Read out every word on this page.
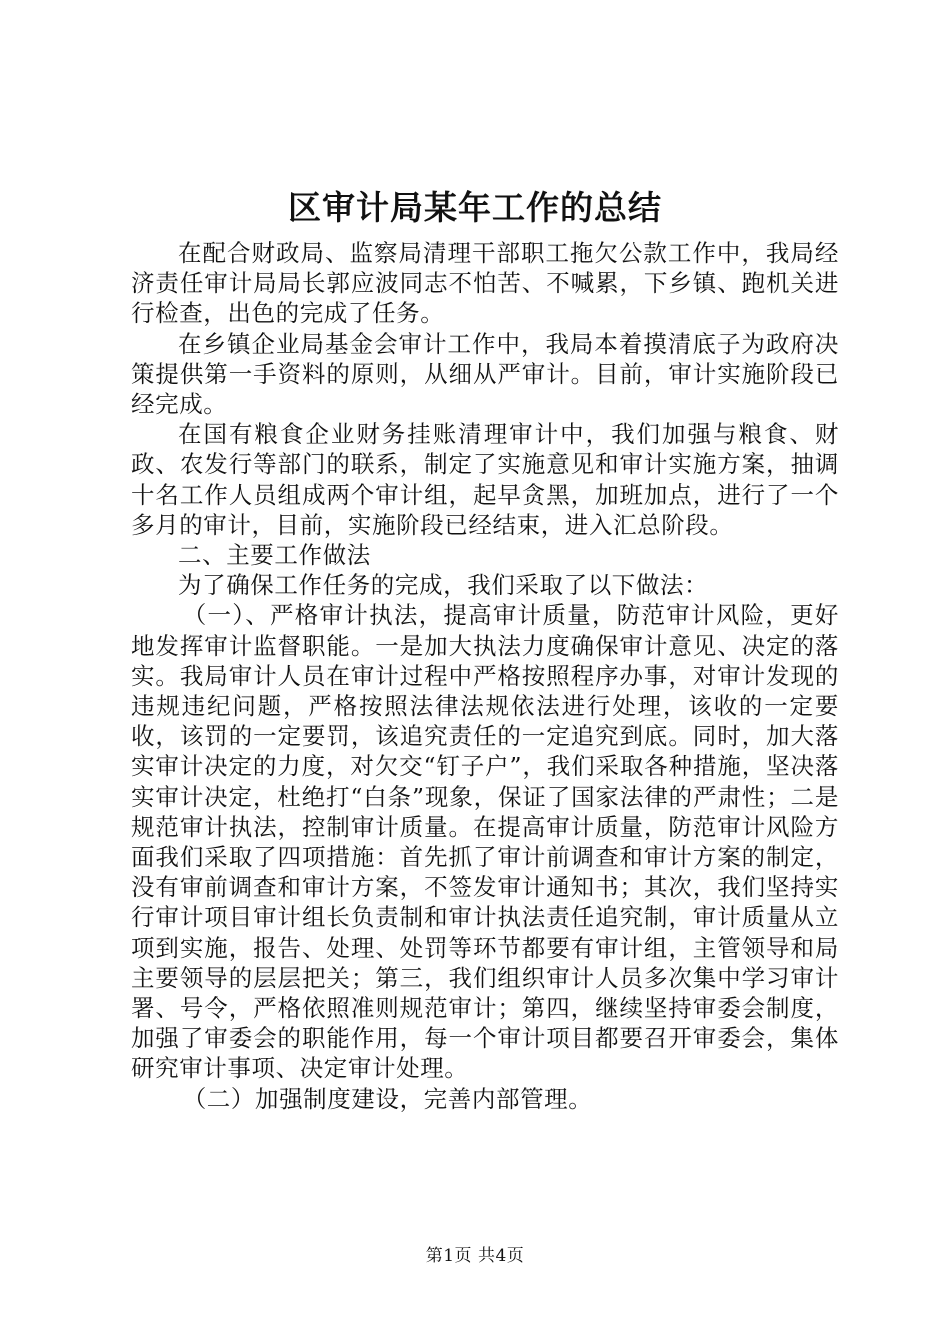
区审计局某年工作的总结

在配合财政局、监察局清理干部职工拖欠公款工作中，我局经济责任审计局局长郭应波同志不怕苦、不喊累，下乡镇、跑机关进行检查，出色的完成了任务。

在乡镇企业局基金会审计工作中，我局本着摸清底子为政府决策提供第一手资料的原则，从细从严审计。目前，审计实施阶段已经完成。

在国有粮食企业财务挂账清理审计中，我们加强与粮食、财政、农发行等部门的联系，制定了实施意见和审计实施方案，抽调十名工作人员组成两个审计组，起早贪黑，加班加点，进行了一个多月的审计，目前，实施阶段已经结束，进入汇总阶段。

二、主要工作做法

为了确保工作任务的完成，我们采取了以下做法：

（一）、严格审计执法，提高审计质量，防范审计风险，更好地发挥审计监督职能。一是加大执法力度确保审计意见、决定的落实。我局审计人员在审计过程中严格按照程序办事，对审计发现的违规违纪问题，严格按照法律法规依法进行处理，该收的一定要收，该罚的一定要罚，该追究责任的一定追究到底。同时，加大落实审计决定的力度，对欠交“钉子户”，我们采取各种措施，坚决落实审计决定，杜绝打“白条”现象，保证了国家法律的严肃性；二是规范审计执法，控制审计质量。在提高审计质量，防范审计风险方面我们采取了四项措施：首先抓了审计前调查和审计方案的制定，没有审前调查和审计方案，不签发审计通知书；其次，我们坚持实行审计项目审计组长负责制和审计执法责任追究制，审计质量从立项到实施，报告、处理、处罚等环节都要有审计组，主管领导和局主要领导的层层把关；第三，我们组织审计人员多次集中学习审计署、号令，严格依照准则规范审计；第四，继续坚持审委会制度，加强了审委会的职能作用，每一个审计项目都要召开审委会，集体研究审计事项、决定审计处理。

（二）加强制度建设，完善内部管理。

第1页 共4页
